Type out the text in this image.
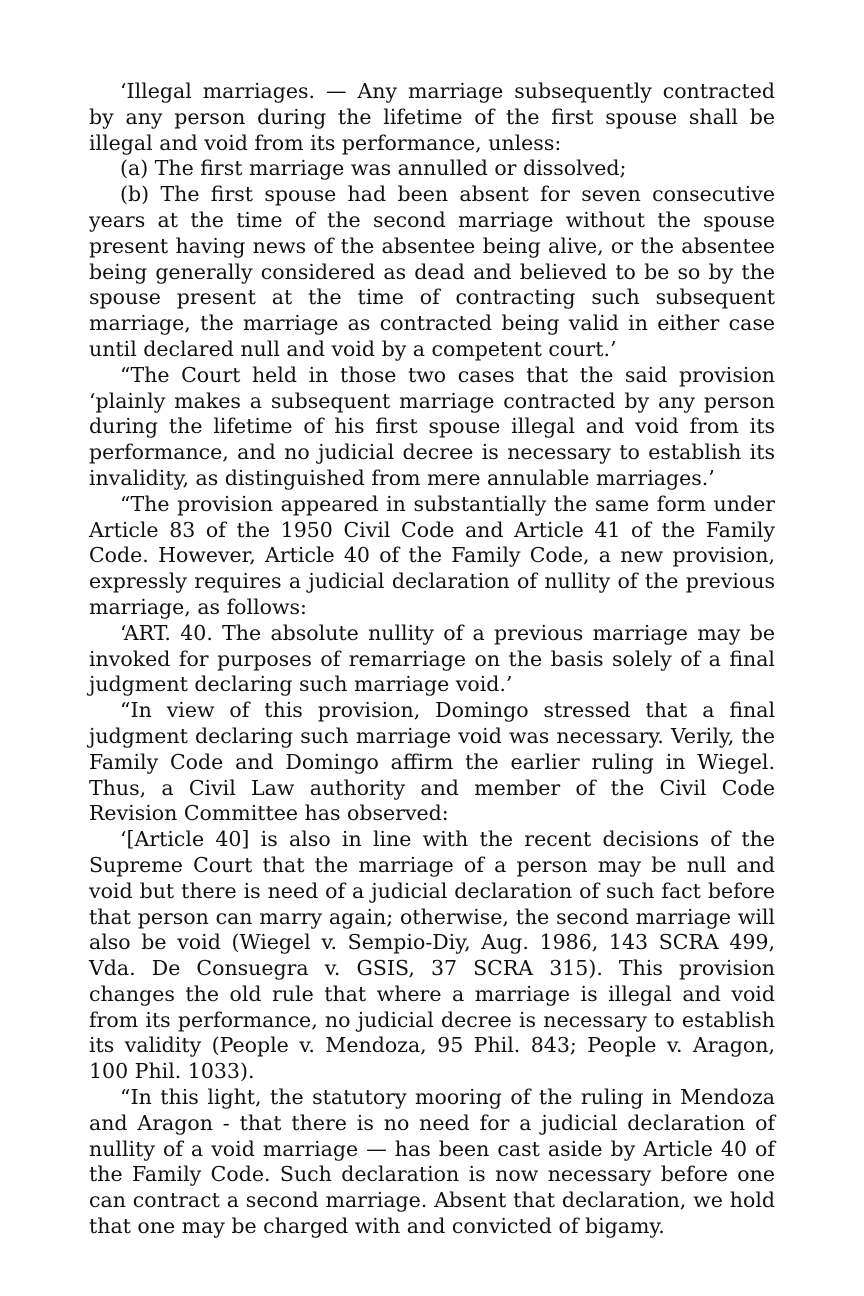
‘Illegal marriages. — Any marriage subsequently contracted by any person during the lifetime of the first spouse shall be illegal and void from its performance, unless:

(a) The first marriage was annulled or dissolved;

(b) The first spouse had been absent for seven consecutive years at the time of the second marriage without the spouse present having news of the absentee being alive, or the absentee being generally considered as dead and believed to be so by the spouse present at the time of contracting such subsequent marriage, the marriage as contracted being valid in either case until declared null and void by a competent court.’

“The Court held in those two cases that the said provision ‘plainly makes a subsequent marriage contracted by any person during the lifetime of his first spouse illegal and void from its performance, and no judicial decree is necessary to establish its invalidity, as distinguished from mere annulable marriages.’

“The provision appeared in substantially the same form under Article 83 of the 1950 Civil Code and Article 41 of the Family Code. However, Article 40 of the Family Code, a new provision, expressly requires a judicial declaration of nullity of the previous marriage, as follows:

‘ART. 40. The absolute nullity of a previous marriage may be invoked for purposes of remarriage on the basis solely of a final judgment declaring such marriage void.’

“In view of this provision, Domingo stressed that a final judgment declaring such marriage void was necessary. Verily, the Family Code and Domingo affirm the earlier ruling in Wiegel. Thus, a Civil Law authority and member of the Civil Code Revision Committee has observed:

‘[Article 40] is also in line with the recent decisions of the Supreme Court that the marriage of a person may be null and void but there is need of a judicial declaration of such fact before that person can marry again; otherwise, the second marriage will also be void (Wiegel v. Sempio-Diy, Aug. 1986, 143 SCRA 499, Vda. De Consuegra v. GSIS, 37 SCRA 315). This provision changes the old rule that where a marriage is illegal and void from its performance, no judicial decree is necessary to establish its validity (People v. Mendoza, 95 Phil. 843; People v. Aragon, 100 Phil. 1033).

“In this light, the statutory mooring of the ruling in Mendoza and Aragon - that there is no need for a judicial declaration of nullity of a void marriage — has been cast aside by Article 40 of the Family Code. Such declaration is now necessary before one can contract a second marriage. Absent that declaration, we hold that one may be charged with and convicted of bigamy.
